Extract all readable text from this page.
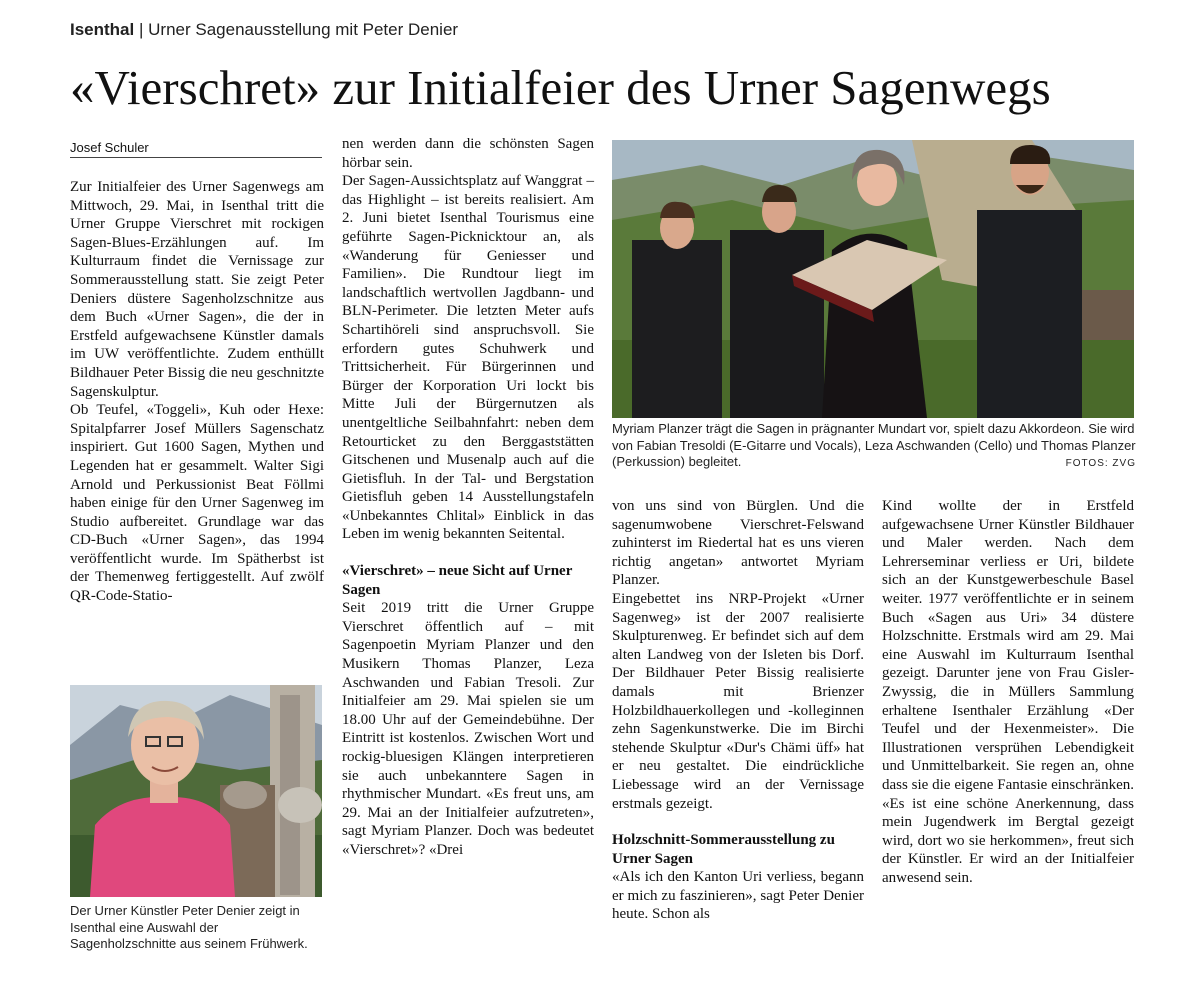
Isenthal | Urner Sagenausstellung mit Peter Denier
«Vierschret» zur Initialfeier des Urner Sagenwegs
Josef Schuler

Zur Initialfeier des Urner Sagenwegs am Mittwoch, 29. Mai, in Isenthal tritt die Urner Gruppe Vierschret mit rockigen Sagen-Blues-Erzählungen auf. Im Kulturraum findet die Vernissage zur Sommerausstellung statt. Sie zeigt Peter Deniers düstere Sagenholzschnitze aus dem Buch «Urner Sagen», die der in Erstfeld aufgewachsene Künstler damals im UW veröffentlichte. Zudem enthüllt Bildhauer Peter Bissig die neu geschnitzte Sagenskulptur.

Ob Teufel, «Toggeli», Kuh oder Hexe: Spitalpfarrer Josef Müllers Sagenschatz inspiriert. Gut 1600 Sagen, Mythen und Legenden hat er gesammelt. Walter Sigi Arnold und Perkussionist Beat Föllmi haben einige für den Urner Sagenweg im Studio aufbereitet. Grundlage war das CD-Buch «Urner Sagen», das 1994 veröffentlicht wurde. Im Spätherbst ist der Themenweg fertiggestellt. Auf zwölf QR-Code-Statio-

Der Urner Künstler Peter Denier zeigt in Isenthal eine Auswahl der Sagenholzschnitte aus seinem Frühwerk.

nen werden dann die schönsten Sagen hörbar sein.

Der Sagen-Aussichtsplatz auf Wanggrat – das Highlight – ist bereits realisiert. Am 2. Juni bietet Isenthal Tourismus eine geführte Sagen-Picknicktour an, als «Wanderung für Geniesser und Familien». Die Rundtour liegt im landschaftlich wertvollen Jagdbann- und BLN-Perimeter. Die letzten Meter aufs Schartihöreli sind anspruchsvoll. Sie erfordern gutes Schuhwerk und Trittsicherheit. Für Bürgerinnen und Bürger der Korporation Uri lockt bis Mitte Juli der Bürgernutzen als unentgeltliche Seilbahnfahrt: neben dem Retourticket zu den Berggaststätten Gitschenen und Musenalp auch auf die Gietisfluh. In der Tal- und Bergstation Gietisfluh geben 14 Ausstellungstafeln «Unbekanntes Chlital» Einblick in das Leben im wenig bekannten Seitental.

«Vierschret» – neue Sicht auf Urner Sagen

Seit 2019 tritt die Urner Gruppe Vierschret öffentlich auf – mit Sagenpoetin Myriam Planzer und den Musikern Thomas Planzer, Leza Aschwanden und Fabian Tresoli. Zur Initialfeier am 29. Mai spielen sie um 18.00 Uhr auf der Gemeindebühne. Der Eintritt ist kostenlos. Zwischen Wort und rockig-bluesigen Klängen interpretieren sie auch unbekanntere Sagen in rhythmischer Mundart. «Es freut uns, am 29. Mai an der Initialfeier aufzutreten», sagt Myriam Planzer. Doch was bedeutet «Vierschret»? «Drei

Myriam Planzer trägt die Sagen in prägnanter Mundart vor, spielt dazu Akkordeon. Sie wird von Fabian Tresoldi (E-Gitarre und Vocals), Leza Aschwanden (Cello) und Thomas Planzer (Perkussion) begleitet.	FOTOS: ZVG

von uns sind von Bürglen. Und die sagenumwobene Vierschret-Felswand zuhinterst im Riedertal hat es uns vieren richtig angetan» antwortet Myriam Planzer.

Eingebettet ins NRP-Projekt «Urner Sagenweg» ist der 2007 realisierte Skulpturenweg. Er befindet sich auf dem alten Landweg von der Isleten bis Dorf. Der Bildhauer Peter Bissig realisierte damals mit Brienzer Holzbildhauerkollegen und -kolleginnen zehn Sagenkunstwerke. Die im Birchi stehende Skulptur «Dur's Chämi üff» hat er neu gestaltet. Die eindrückliche Liebessage wird an der Vernissage erstmals gezeigt.

Holzschnitt-Sommerausstellung zu Urner Sagen

«Als ich den Kanton Uri verliess, begann er mich zu faszinieren», sagt Peter Denier heute. Schon als

Kind wollte der in Erstfeld aufgewachsene Urner Künstler Bildhauer und Maler werden. Nach dem Lehrerseminar verliess er Uri, bildete sich an der Kunstgewerbeschule Basel weiter. 1977 veröffentlichte er in seinem Buch «Sagen aus Uri» 34 düstere Holzschnitte. Erstmals wird am 29. Mai eine Auswahl im Kulturraum Isenthal gezeigt. Darunter jene von Frau Gisler-Zwyssig, die in Müllers Sammlung erhaltene Isenthaler Erzählung «Der Teufel und der Hexenmeister». Die Illustrationen versprühen Lebendigkeit und Unmittelbarkeit. Sie regen an, ohne dass sie die eigene Fantasie einschränken. «Es ist eine schöne Anerkennung, dass mein Jugendwerk im Bergtal gezeigt wird, dort wo sie herkommen», freut sich der Künstler. Er wird an der Initialfeier anwesend sein.
